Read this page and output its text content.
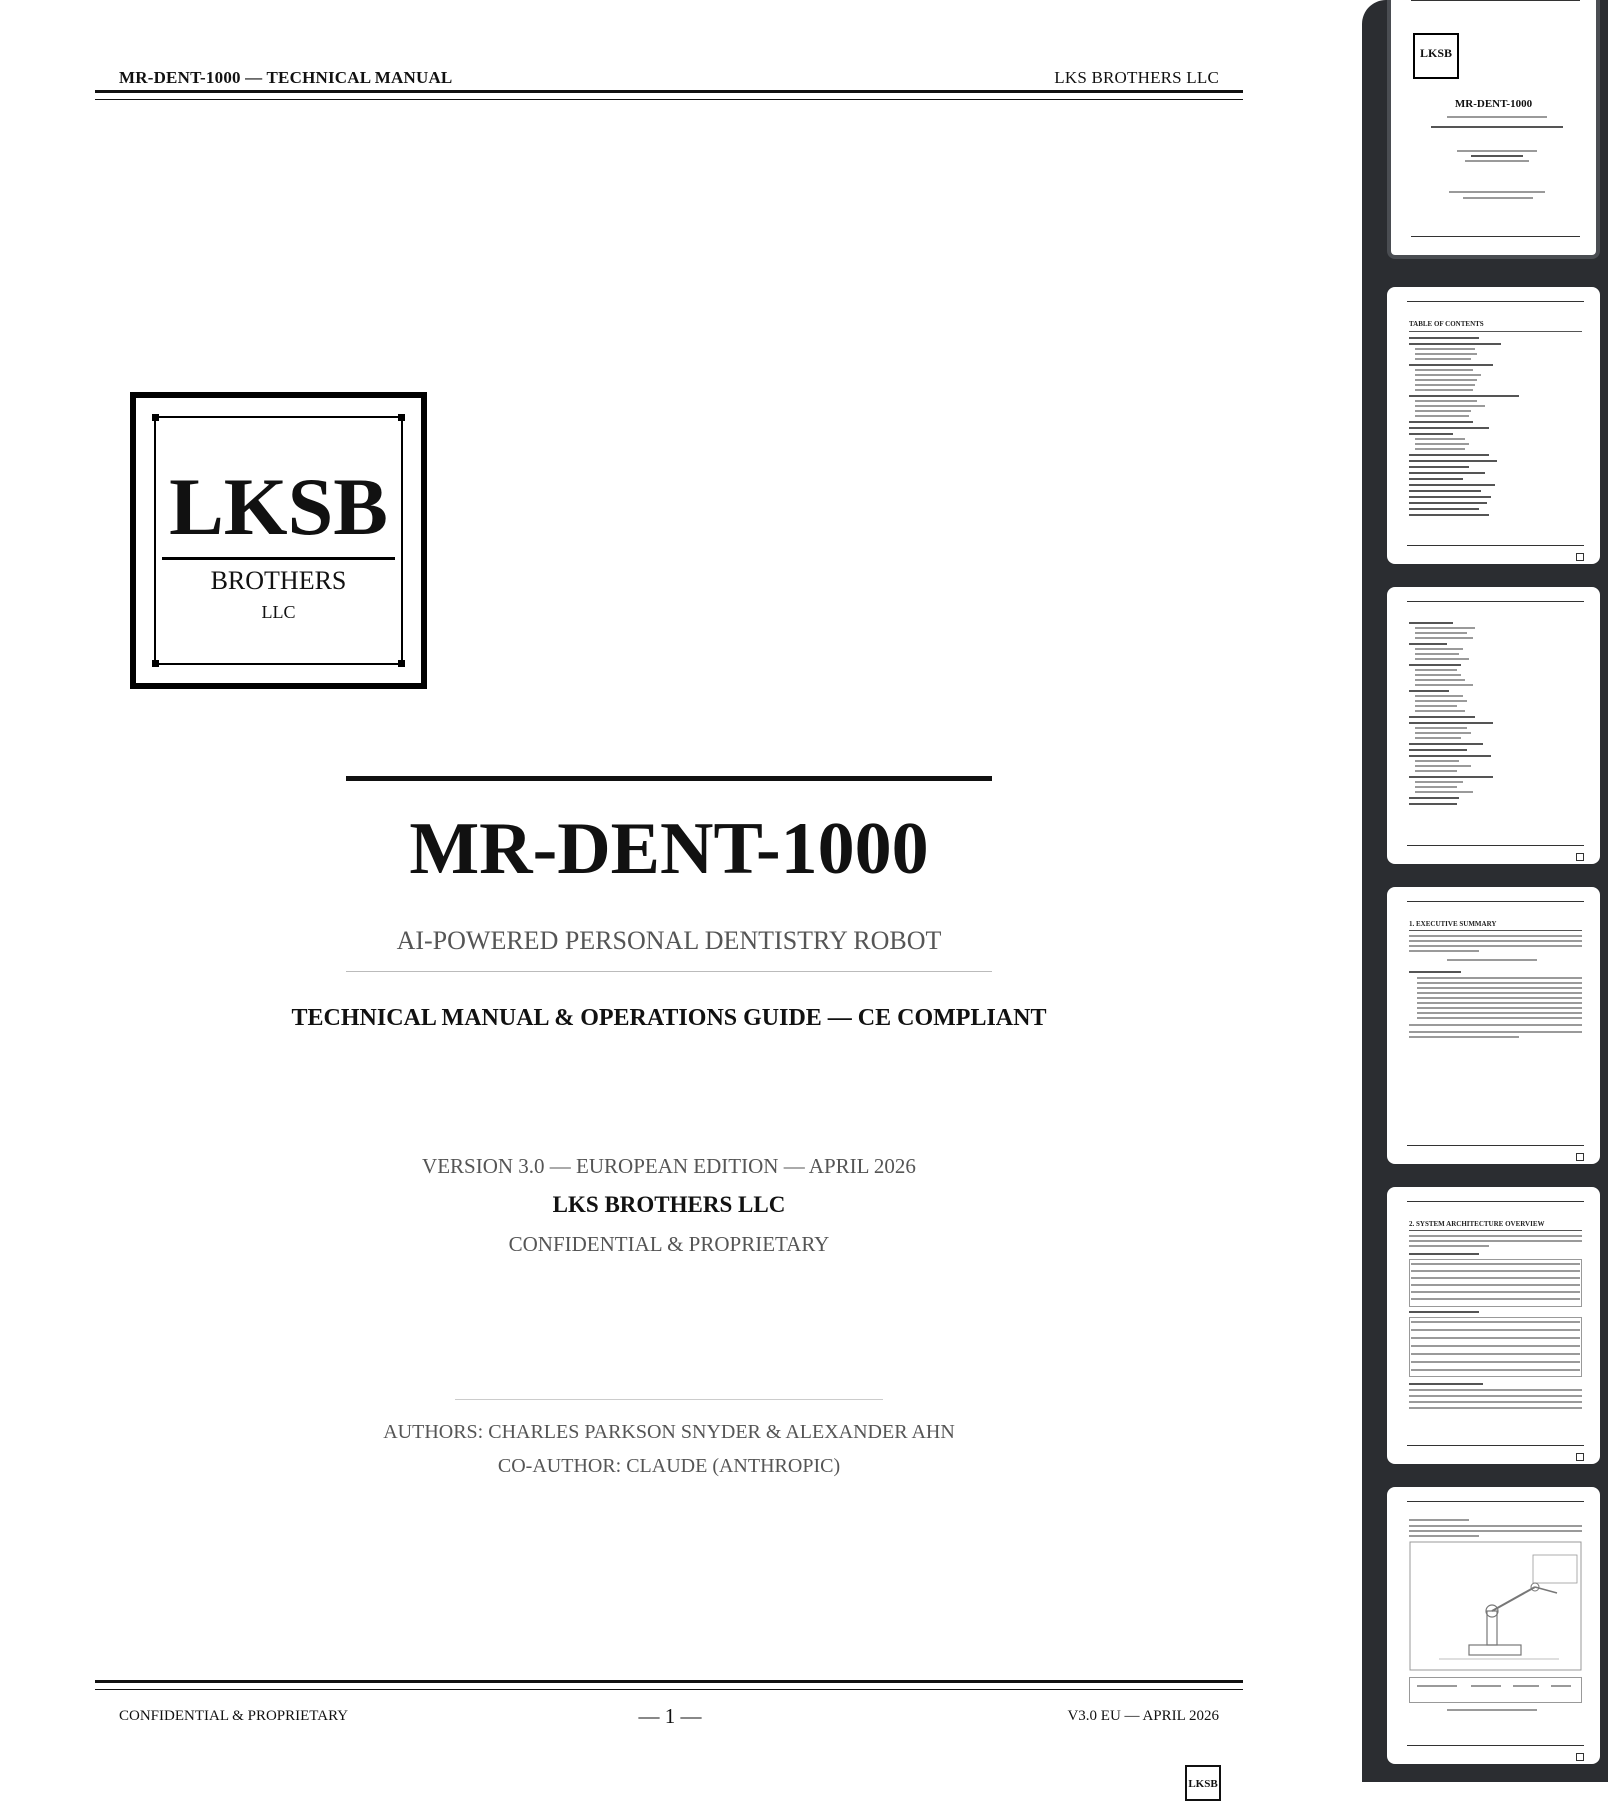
MR-DENT-1000 — TECHNICAL MANUAL	LKS BROTHERS LLC
LKSB
BROTHERS
LLC
MR-DENT-1000
AI-POWERED PERSONAL DENTISTRY ROBOT
TECHNICAL MANUAL & OPERATIONS GUIDE — CE COMPLIANT
VERSION 3.0 — EUROPEAN EDITION — APRIL 2026
LKS BROTHERS LLC
CONFIDENTIAL & PROPRIETARY
AUTHORS: CHARLES PARKSON SNYDER & ALEXANDER AHN
CO-AUTHOR: CLAUDE (ANTHROPIC)
CONFIDENTIAL & PROPRIETARY	— 1 —	V3.0 EU — APRIL 2026
LKSB
LKSB
MR-DENT-1000
TABLE OF CONTENTS
1. EXECUTIVE SUMMARY
2. SYSTEM ARCHITECTURE OVERVIEW
